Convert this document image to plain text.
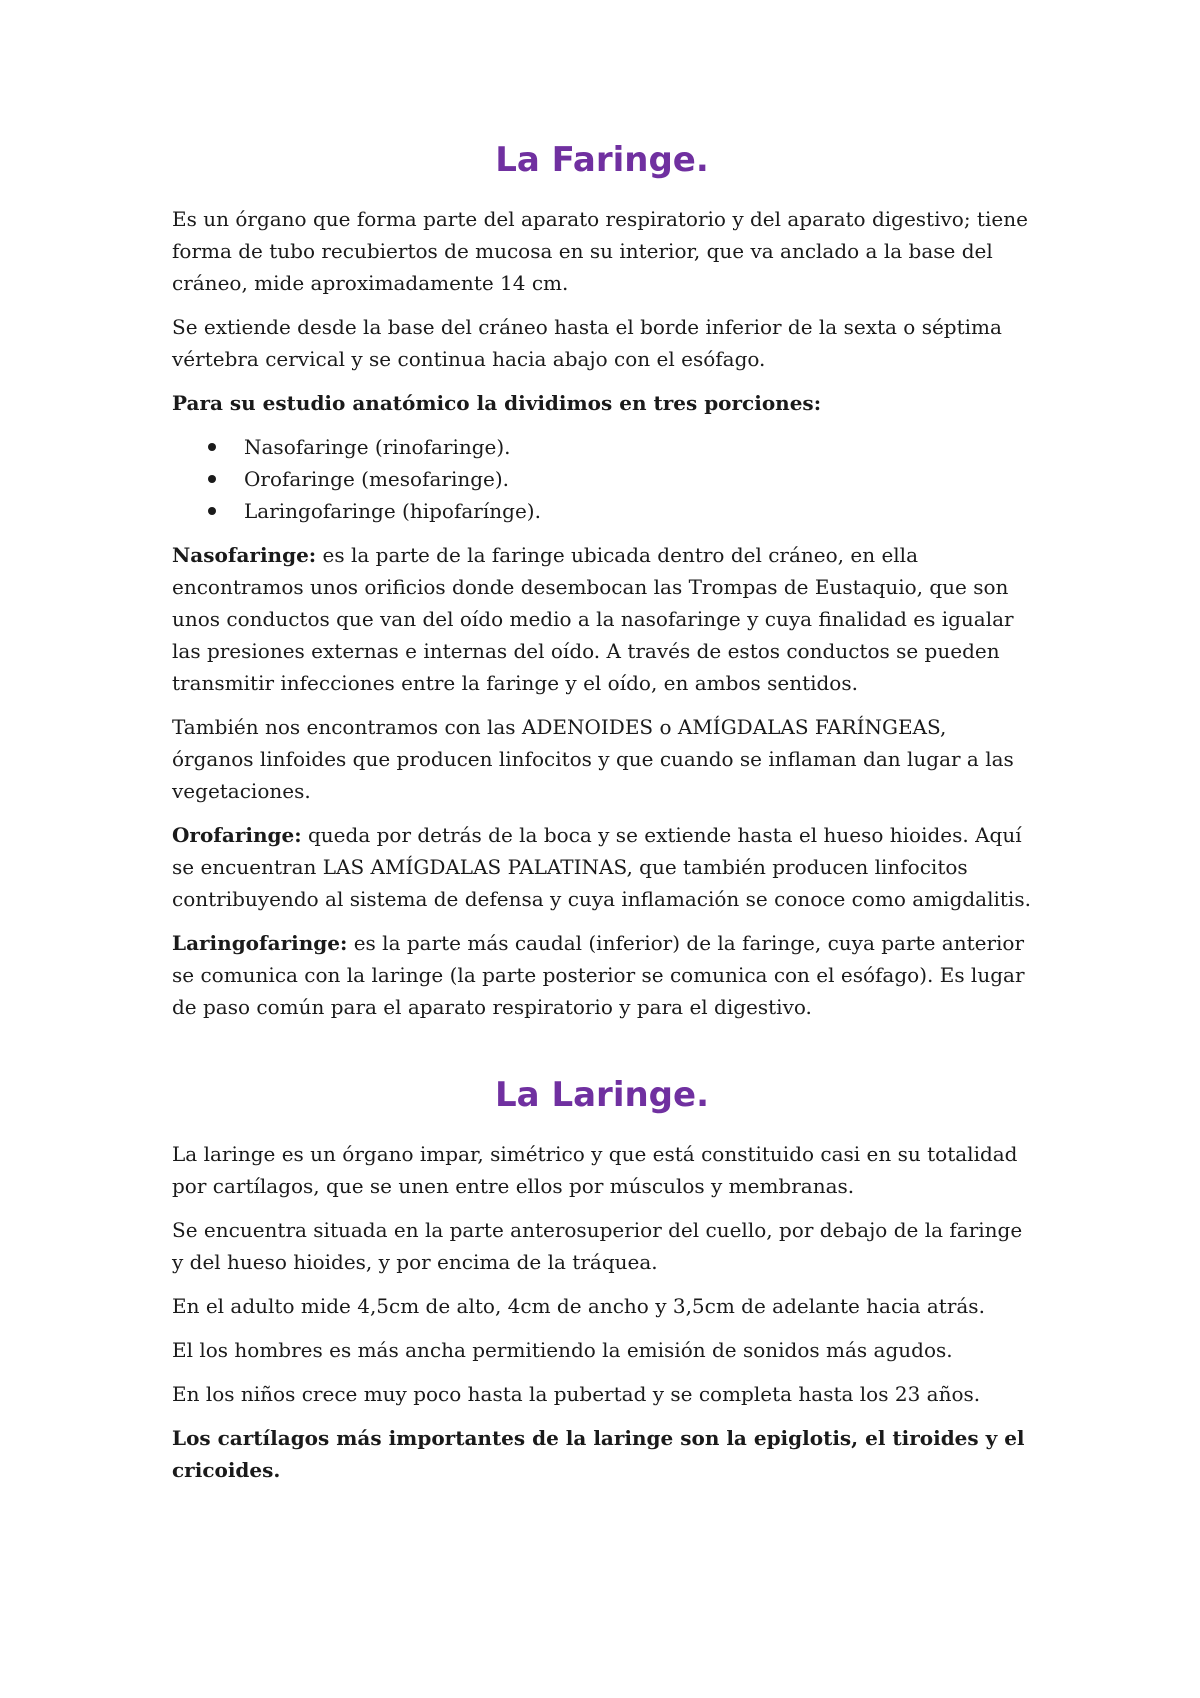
La Faringe.

Es un órgano que forma parte del aparato respiratorio y del aparato digestivo; tiene forma de tubo recubiertos de mucosa en su interior, que va anclado a la base del cráneo, mide aproximadamente 14 cm.

Se extiende desde la base del cráneo hasta el borde inferior de la sexta o séptima vértebra cervical y se continua hacia abajo con el esófago.

Para su estudio anatómico la dividimos en tres porciones:

Nasofaringe (rinofaringe).
Orofaringe (mesofaringe).
Laringofaringe (hipofarínge).

Nasofaringe: es la parte de la faringe ubicada dentro del cráneo, en ella encontramos unos orificios donde desembocan las Trompas de Eustaquio, que son unos conductos que van del oído medio a la nasofaringe y cuya finalidad es igualar las presiones externas e internas del oído. A través de estos conductos se pueden transmitir infecciones entre la faringe y el oído, en ambos sentidos.

También nos encontramos con las ADENOIDES o AMÍGDALAS FARÍNGEAS, órganos linfoides que producen linfocitos y que cuando se inflaman dan lugar a las vegetaciones.

Orofaringe: queda por detrás de la boca y se extiende hasta el hueso hioides. Aquí se encuentran LAS AMÍGDALAS PALATINAS, que también producen linfocitos contribuyendo al sistema de defensa y cuya inflamación se conoce como amigdalitis.

Laringofaringe: es la parte más caudal (inferior) de la faringe, cuya parte anterior se comunica con la laringe (la parte posterior se comunica con el esófago). Es lugar de paso común para el aparato respiratorio y para el digestivo.

La Laringe.

La laringe es un órgano impar, simétrico y que está constituido casi en su totalidad por cartílagos, que se unen entre ellos por músculos y membranas.

Se encuentra situada en la parte anterosuperior del cuello, por debajo de la faringe y del hueso hioides, y por encima de la tráquea.

En el adulto mide 4,5cm de alto, 4cm de ancho y 3,5cm de adelante hacia atrás.

El los hombres es más ancha permitiendo la emisión de sonidos más agudos.

En los niños crece muy poco hasta la pubertad y se completa hasta los 23 años.

Los cartílagos más importantes de la laringe son la epiglotis, el tiroides y el cricoides.
